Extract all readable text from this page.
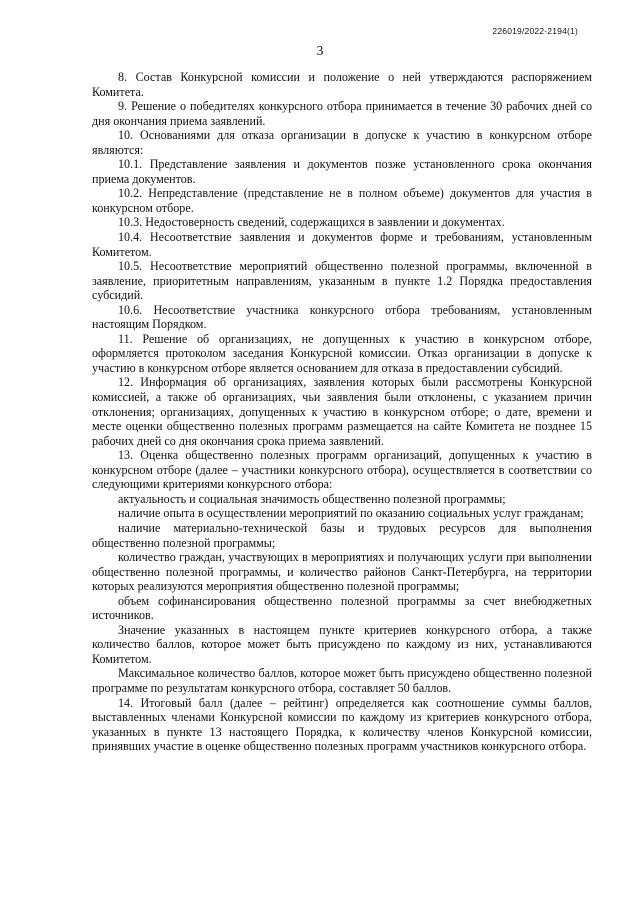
226019/2022-2194(1)
3

8. Состав Конкурсной комиссии и положение о ней утверждаются распоряжением Комитета.

9. Решение о победителях конкурсного отбора принимается в течение 30 рабочих дней со дня окончания приема заявлений.

10. Основаниями для отказа организации в допуске к участию в конкурсном отборе являются:

10.1. Представление заявления и документов позже установленного срока окончания приема документов.

10.2. Непредставление (представление не в полном объеме) документов для участия в конкурсном отборе.

10.3. Недостоверность сведений, содержащихся в заявлении и документах.

10.4. Несоответствие заявления и документов форме и требованиям, установленным Комитетом.

10.5. Несоответствие мероприятий общественно полезной программы, включенной в заявление, приоритетным направлениям, указанным в пункте 1.2 Порядка предоставления субсидий.

10.6. Несоответствие участника конкурсного отбора требованиям, установленным настоящим Порядком.

11. Решение об организациях, не допущенных к участию в конкурсном отборе, оформляется протоколом заседания Конкурсной комиссии. Отказ организации в допуске к участию в конкурсном отборе является основанием для отказа в предоставлении субсидий.

12. Информация об организациях, заявления которых были рассмотрены Конкурсной комиссией, а также об организациях, чьи заявления были отклонены, с указанием причин отклонения; организациях, допущенных к участию в конкурсном отборе; о дате, времени и месте оценки общественно полезных программ размещается на сайте Комитета не позднее 15 рабочих дней со дня окончания срока приема заявлений.

13. Оценка общественно полезных программ организаций, допущенных к участию в конкурсном отборе (далее – участники конкурсного отбора), осуществляется в соответствии со следующими критериями конкурсного отбора:

актуальность и социальная значимость общественно полезной программы;

наличие опыта в осуществлении мероприятий по оказанию социальных услуг гражданам;

наличие материально-технической базы и трудовых ресурсов для выполнения общественно полезной программы;

количество граждан, участвующих в мероприятиях и получающих услуги при выполнении общественно полезной программы, и количество районов Санкт-Петербурга, на территории которых реализуются мероприятия общественно полезной программы;

объем софинансирования общественно полезной программы за счет внебюджетных источников.

Значение указанных в настоящем пункте критериев конкурсного отбора, а также количество баллов, которое может быть присуждено по каждому из них, устанавливаются Комитетом.

Максимальное количество баллов, которое может быть присуждено общественно полезной программе по результатам конкурсного отбора, составляет 50 баллов.

14. Итоговый балл (далее – рейтинг) определяется как соотношение суммы баллов, выставленных членами Конкурсной комиссии по каждому из критериев конкурсного отбора, указанных в пункте 13 настоящего Порядка, к количеству членов Конкурсной комиссии, принявших участие в оценке общественно полезных программ участников конкурсного отбора.
